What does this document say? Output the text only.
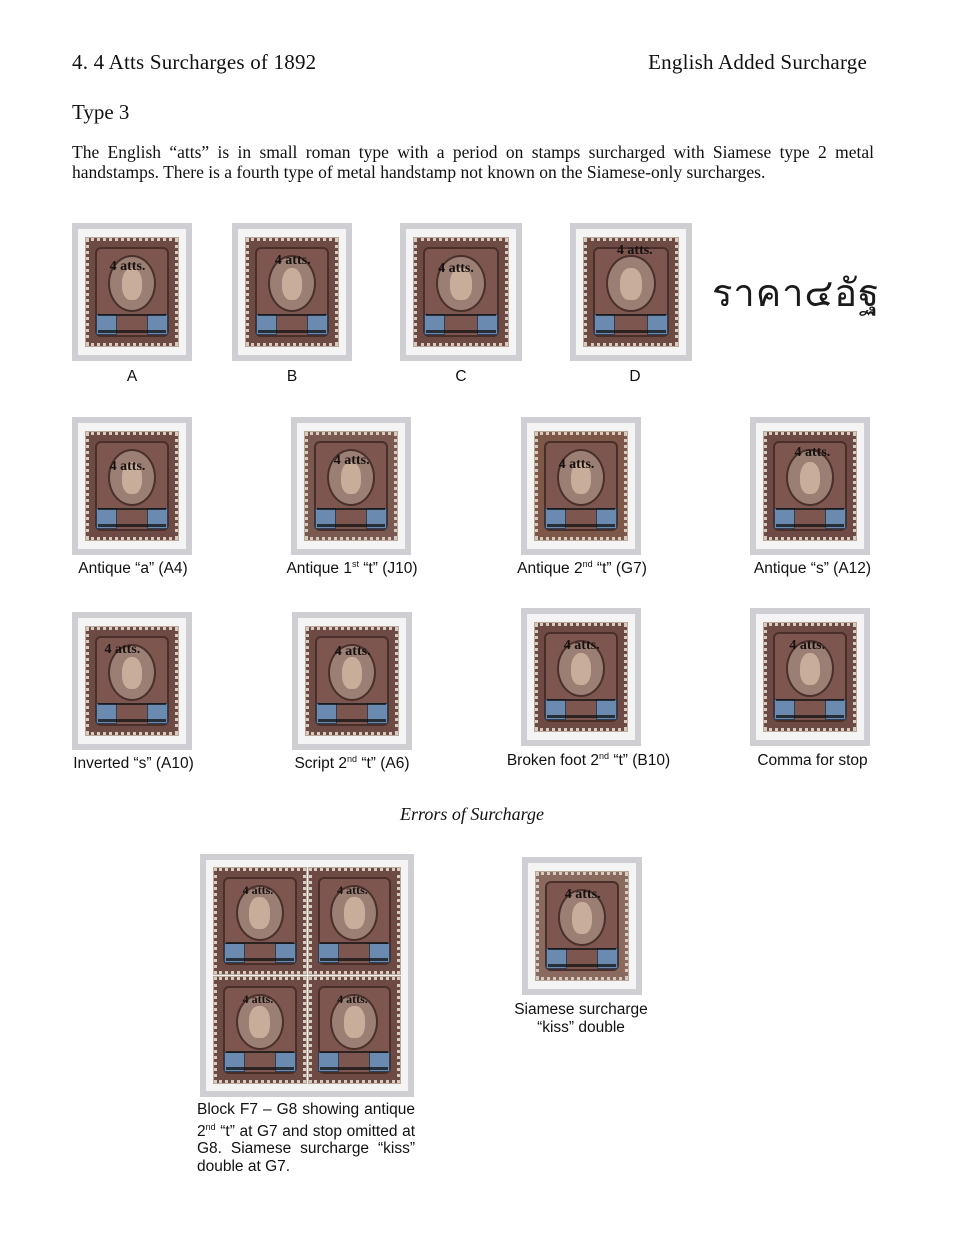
4. 4 Atts Surcharges of 1892	English Added Surcharge
Type 3
The English “atts” is in small roman type with a period on stamps surcharged with Siamese type 2 metal handstamps. There is a fourth type of metal handstamp not known on the Siamese-only surcharges.
4 atts.
A
4 atts.
B
4 atts.
C
4 atts.
D
ราคา๔อัฐ
4 atts.
Antique “a” (A4)
4 atts.
Antique 1st “t” (J10)
4 atts.
Antique 2nd “t” (G7)
4 atts.
Antique “s” (A12)
4 atts.
Inverted “s” (A10)
4 atts.
Script 2nd “t” (A6)
4 atts.
Broken foot 2nd “t” (B10)
4 atts.
Comma for stop
Errors of Surcharge
4 atts.	4 atts.
4 atts.	4 atts.
Block F7 – G8 showing antique 2nd “t” at G7 and stop omitted at G8. Siamese surcharge “kiss” double at G7.
4 atts.
Siamese surcharge “kiss” double
